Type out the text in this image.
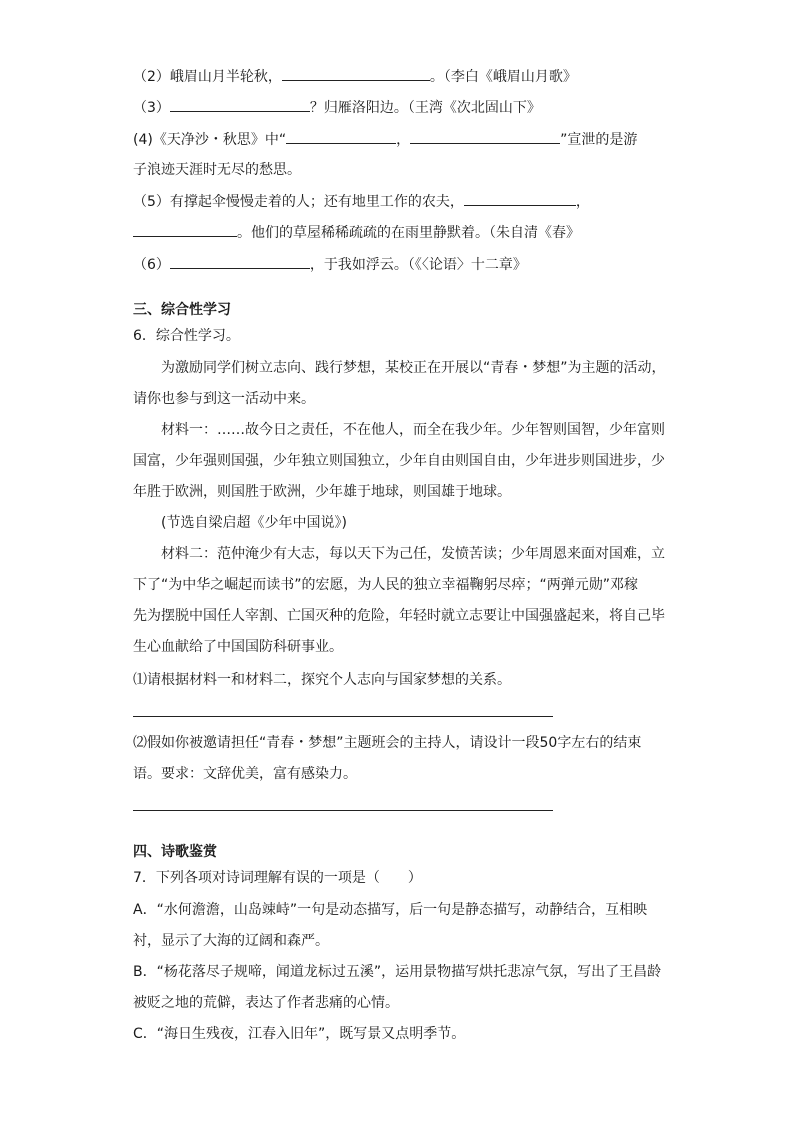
（2）峨眉山月半轮秋，	。（李白《峨眉山月歌》
（3）	？归雁洛阳边。（王湾《次北固山下》
(4)《天净沙・秋思》中“	，	”宣泄的是游
子浪迹天涯时无尽的愁思。
（5）有撑起伞慢慢走着的人；还有地里工作的农夫，	，
。他们的草屋稀稀疏疏的在雨里静默着。（朱自清《春》
（6）	，于我如浮云。（《〈论语〉十二章》
三、综合性学习
6．综合性学习。
为激励同学们树立志向、践行梦想，某校正在开展以“青春・梦想”为主题的活动，
请你也参与到这一活动中来。
材料一：……故今日之责任，不在他人，而全在我少年。少年智则国智，少年富则
国富，少年强则国强，少年独立则国独立，少年自由则国自由，少年进步则国进步，少
年胜于欧洲，则国胜于欧洲，少年雄于地球，则国雄于地球。
(节选自梁启超《少年中国说》)
材料二：范仲淹少有大志，每以天下为己任，发愤苦读；少年周恩来面对国难，立
下了“为中华之崛起而读书”的宏愿，为人民的独立幸福鞠躬尽瘁；“两弹元勋”邓稼
先为摆脱中国任人宰割、亡国灭种的危险，年轻时就立志要让中国强盛起来，将自己毕
生心血献给了中国国防科研事业。
⑴请根据材料一和材料二，探究个人志向与国家梦想的关系。
⑵假如你被邀请担任“青春・梦想”主题班会的主持人，请设计一段50字左右的结束
语。要求：文辞优美，富有感染力。
四、诗歌鉴赏
7．下列各项对诗词理解有误的一项是（　　）
A．“水何澹澹，山岛竦峙”一句是动态描写，后一句是静态描写，动静结合，互相映
衬，显示了大海的辽阔和森严。
B．“杨花落尽子规啼，闻道龙标过五溪”，运用景物描写烘托悲凉气氛，写出了王昌龄
被贬之地的荒僻，表达了作者悲痛的心情。
C．“海日生残夜，江春入旧年”，既写景又点明季节。
